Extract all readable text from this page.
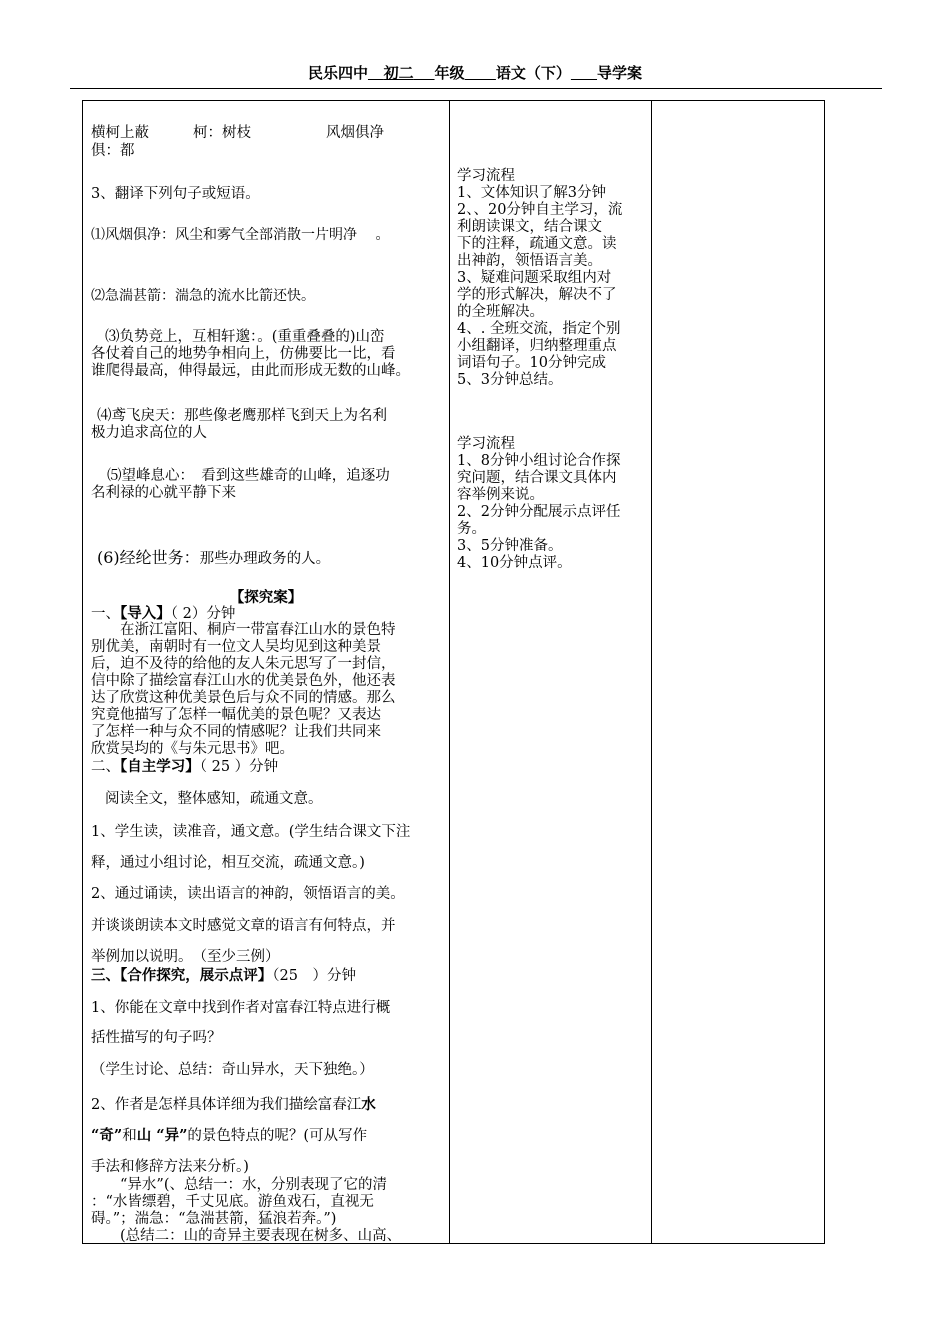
民乐四中 初二 年级 语文（下） 导学案
横柯上蔽	柯：树枝	风烟俱净
俱：都
3、翻译下列句子或短语。
⑴风烟俱净：风尘和雾气全部消散一片明净　 。
⑵急湍甚箭：湍急的流水比箭还快。
⑶负势竞上，互相轩邈：。(重重叠叠的)山峦
各仗着自己的地势争相向上，仿佛要比一比，看
谁爬得最高，伸得最远，由此而形成无数的山峰。
⑷鸢飞戾天：那些像老鹰那样飞到天上为名利
极力追求高位的人
⑸望峰息心：　看到这些雄奇的山峰，追逐功
名利禄的心就平静下来
(6)经纶世务：那些办理政务的人。
【探究案】
一、【导入】（ 2）分钟
　　在浙江富阳、桐庐一带富春江山水的景色特
别优美，南朝时有一位文人吴均见到这种美景
后，迫不及待的给他的友人朱元思写了一封信，
信中除了描绘富春江山水的优美景色外，他还表
达了欣赏这种优美景色后与众不同的情感。那么
究竟他描写了怎样一幅优美的景色呢？又表达
了怎样一种与众不同的情感呢？让我们共同来
欣赏吴均的《与朱元思书》吧。
二、【自主学习】（ 25 ）分钟
阅读全文，整体感知，疏通文意。
1、学生读，读准音，通文意。(学生结合课文下注
释，通过小组讨论，相互交流，疏通文意。)
2、通过诵读，读出语言的神韵，领悟语言的美。
并谈谈朗读本文时感觉文章的语言有何特点，并
举例加以说明。　（至少三例）
三、【合作探究，展示点评】（25　）分钟
1、你能在文章中找到作者对富春江特点进行概
括性描写的句子吗？
（学生讨论、总结：奇山异水，天下独绝。）
2、作者是怎样具体详细为我们描绘富春江水
“奇”和山 “异”的景色特点的呢？(可从写作
手法和修辞方法来分析。)
　　“异水”(、总结一：水，分别表现了它的清
：“水皆缥碧，千丈见底。游鱼戏石，直视无
碍。”；湍急：“急湍甚箭，猛浪若奔。”)
　　(总结二：山的奇异主要表现在树多、山高、
学习流程
1、文体知识了解3分钟
2、、20分钟自主学习，流
利朗读课文，结合课文
下的注释，疏通文意。读
出神韵，领悟语言美。
3、疑难问题采取组内对
学的形式解决，解决不了
的全班解决。
4、. 全班交流，指定个别
小组翻译，归纳整理重点
词语句子。10分钟完成
5、3分钟总结。
学习流程
1、8分钟小组讨论合作探
究问题，结合课文具体内
容举例来说。
2、2分钟分配展示点评任
务。
3、5分钟准备。
4、10分钟点评。
